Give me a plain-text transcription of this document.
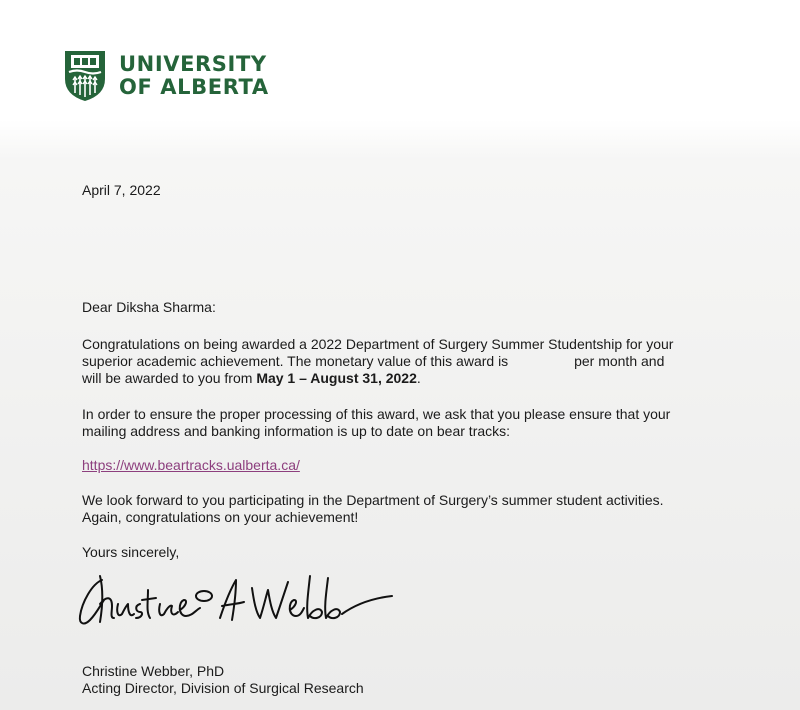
UNIVERSITY
OF ALBERTA
April 7, 2022
Dear Diksha Sharma:
Congratulations on being awarded a 2022 Department of Surgery Summer Studentship for your
superior academic achievement. The monetary value of this award is	per month and
will be awarded to you from May 1 – August 31, 2022.
In order to ensure the proper processing of this award, we ask that you please ensure that your
mailing address and banking information is up to date on bear tracks:
https://www.beartracks.ualberta.ca/
We look forward to you participating in the Department of Surgery’s summer student activities.
Again, congratulations on your achievement!
Yours sincerely,
Christine Webber, PhD
Acting Director, Division of Surgical Research
